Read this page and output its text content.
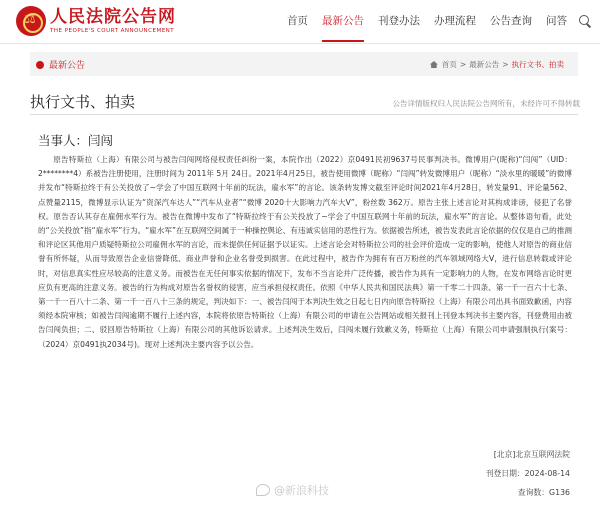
⚖
人民法院公告网
THE PEOPLE'S COURT ANNOUNCEMENT
首页	最新公告	刊登办法	办理流程	公告查询	问答
最新公告	首页 > 最新公告 > 执行文书、拍卖
执行文书、拍卖	公告详情版权归人民法院公告网所有，未经许可不得转载
当事人：闫闯

原告特斯拉（上海）有限公司与被告闫闯网络侵权责任纠纷一案，本院作出（2022）京0491民初9637号民事判决书。微博用户(昵称)“闫闯”（UID：2********4）系被告注册使用，注册时间为 2011年 5月 24日。2021年4月25日，被告使用微博（昵称）“闫闯”转发微博用户（昵称）“淡水里的暖暖”的微博并发布“特斯拉终于有公关投放了~学会了中国互联网十年前的玩法，雇水军”的言论。该条转发博文截至评论时间2021年4月28日，转发量91、评论量562、点赞量2115，微博显示认证为“资深汽车达人”“汽车从业者”“微博 2020十大影响力汽车大V”，粉丝数 362万。原告主张上述言论对其构成诽谤，侵犯了名誉权。原告否认其存在雇佣水军行为。被告在微博中发布了“特斯拉终于有公关投放了~学会了中国互联网十年前的玩法，雇水军”的言论。从整体语句看，此处的“公关投放”指“雇水军”行为。“雇水军”在互联网空间属于一种操控舆论、有违诚实信用的恶性行为。依据被告所述，被告发表此言论依据的仅仅是自己的推测和评论区其他用户质疑特斯拉公司雇佣水军的言论，而未提供任何证据予以证实。上述言论会对特斯拉公司的社会评价造成一定的影响，使他人对原告的商业信誉有所怀疑，从而导致原告企业信誉降低、商业声誉和企业名誉受到损害。在此过程中，被告作为拥有有百万粉丝的汽车领域网络大V，进行信息转载或评论时，对信息真实性应尽较高的注意义务。而被告在无任何事实依据的情况下，发布不当言论并广泛传播，被告作为具有一定影响力的人物，在发布网络言论时更应负有更高的注意义务。被告的行为构成对原告名誉权的侵害，应当承担侵权责任。依照《中华人民共和国民法典》第一千零二十四条、第一千一百六十七条、第一千一百八十二条、第一千一百八十三条的规定，判决如下：一、被告闫闯于本判决生效之日起七日内向原告特斯拉（上海）有限公司出具书面致歉函，内容须经本院审核；如被告闫闯逾期不履行上述内容，本院将依原告特斯拉（上海）有限公司的申请在公告网站或相关报刊上刊登本判决书主要内容，刊登费用由被告闫闯负担；二、驳回原告特斯拉（上海）有限公司的其他诉讼请求。上述判决生效后，闫闯未履行致歉义务，特斯拉（上海）有限公司申请强制执行(案号：（2024）京0491执2034号)。现对上述判决主要内容予以公告。

[北京]北京互联网法院
刊登日期：2024-08-14
查询数：G136
@新浪科技
